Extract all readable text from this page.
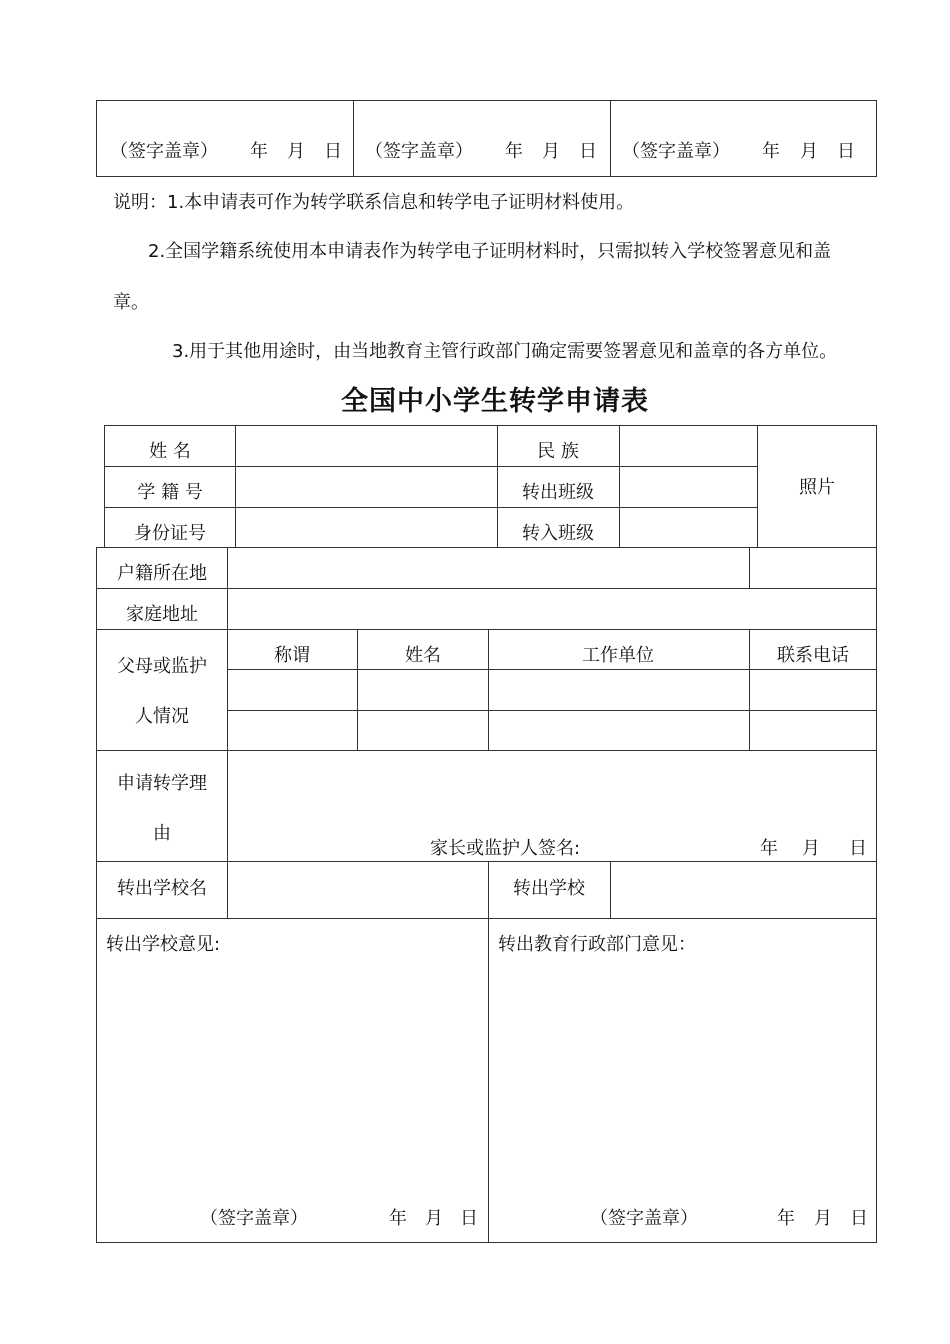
（签字盖章） 年 月 日 （签字盖章） 年 月 日 （签字盖章） 年 月 日
说明：1.本申请表可作为转学联系信息和转学电子证明材料使用。
2.全国学籍系统使用本申请表作为转学电子证明材料时，只需拟转入学校签署意见和盖
章。
3.用于其他用途时，由当地教育主管行政部门确定需要签署意见和盖章的各方单位。
全国中小学生转学申请表
姓 名	民 族
照片
学 籍 号	转出班级
身份证号	转入班级
户籍所在地
家庭地址
父母或监护
人情况
称谓	姓名	工作单位	联系电话
申请转学理
由
家长或监护人签名:	年 月 日
转出学校名	转出学校
转出学校意见:	转出教育行政部门意见：
（签字盖章）	年 月 日	（签字盖章）	年 月 日
